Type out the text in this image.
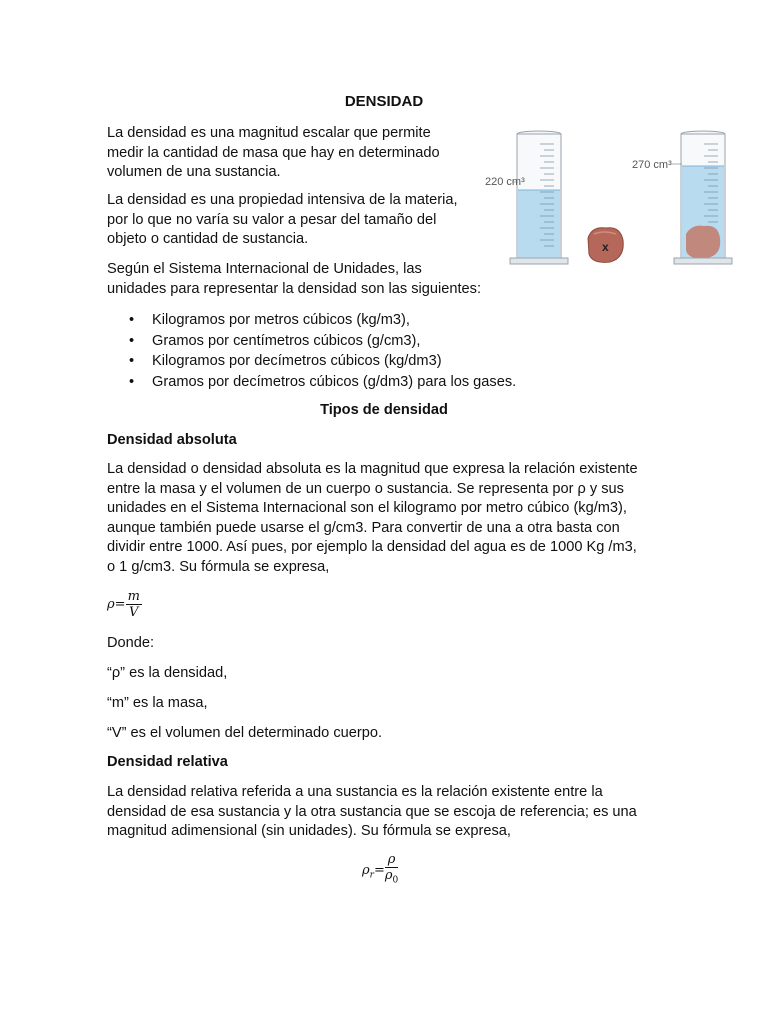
DENSIDAD

La densidad es una magnitud escalar que permite

medir la cantidad de masa que hay en determinado

volumen de una sustancia.

La densidad es una propiedad intensiva de la materia,

por lo que no varía su valor a pesar del tamaño del

objeto o cantidad de sustancia.

Según el Sistema Internacional de Unidades, las

unidades para representar la densidad son las siguientes:

220 cm³
x
270 cm³
• Kilogramos por metros cúbicos (kg/m3),
• Gramos por centímetros cúbicos (g/cm3),
• Kilogramos por decímetros cúbicos (kg/dm3)
• Gramos por decímetros cúbicos (g/dm3) para los gases.
Tipos de densidad
Densidad absoluta

La densidad o densidad absoluta es la magnitud que expresa la relación existente

entre la masa y el volumen de un cuerpo o sustancia. Se representa por ρ y sus

unidades en el Sistema Internacional son el kilogramo por metro cúbico (kg/m3),

aunque también puede usarse el g/cm3. Para convertir de una a otra basta con

dividir entre 1000. Así pues, por ejemplo la densidad del agua es de 1000 Kg /m3,

o 1 g/cm3. Su fórmula se expresa,

$\rho= \frac{m}{V}$

Donde:

“ρ” es la densidad,

“m” es la masa,

“V” es el volumen del determinado cuerpo.

Densidad relativa

La densidad relativa referida a una sustancia es la relación existente entre la

densidad de esa sustancia y la otra sustancia que se escoja de referencia; es una

magnitud adimensional (sin unidades). Su fórmula se expresa,

$\rho_r= \frac{\rho}{\rho_0}$
